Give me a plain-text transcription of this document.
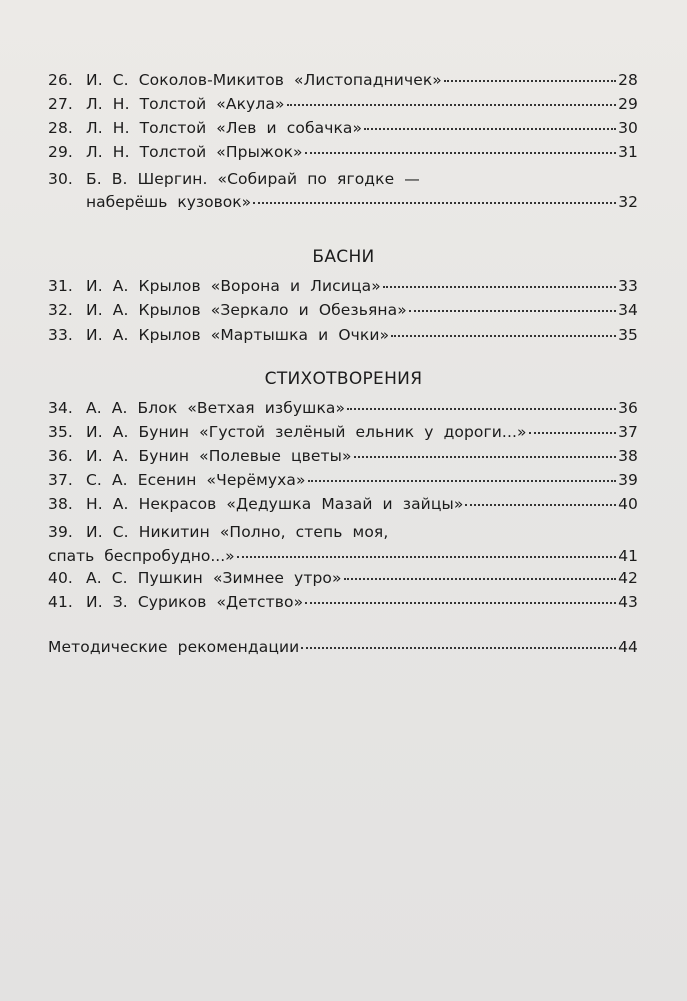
26. И. С. Соколов-Микитов «Листопадничек»	28
27. Л. Н. Толстой «Акула»	29
28. Л. Н. Толстой «Лев и собачка»	30
29. Л. Н. Толстой «Прыжок»	31
30. Б. В. Шергин. «Собирай по ягодке —
наберёшь кузовок»	32
БАСНИ
31. И. А. Крылов «Ворона и Лисица»	33
32. И. А. Крылов «Зеркало и Обезьяна»	34
33. И. А. Крылов «Мартышка и Очки»	35
СТИХОТВОРЕНИЯ
34. А. А. Блок «Ветхая избушка»	36
35. И. А. Бунин «Густой зелёный ельник у дороги...»	37
36. И. А. Бунин «Полевые цветы»	38
37. С. А. Есенин «Черёмуха»	39
38. Н. А. Некрасов «Дедушка Мазай и зайцы»	40
39. И. С. Никитин «Полно, степь моя,
спать беспробудно...»	41
40. А. С. Пушкин «Зимнее утро»	42
41. И. З. Суриков «Детство»	43
Методические рекомендации	44
